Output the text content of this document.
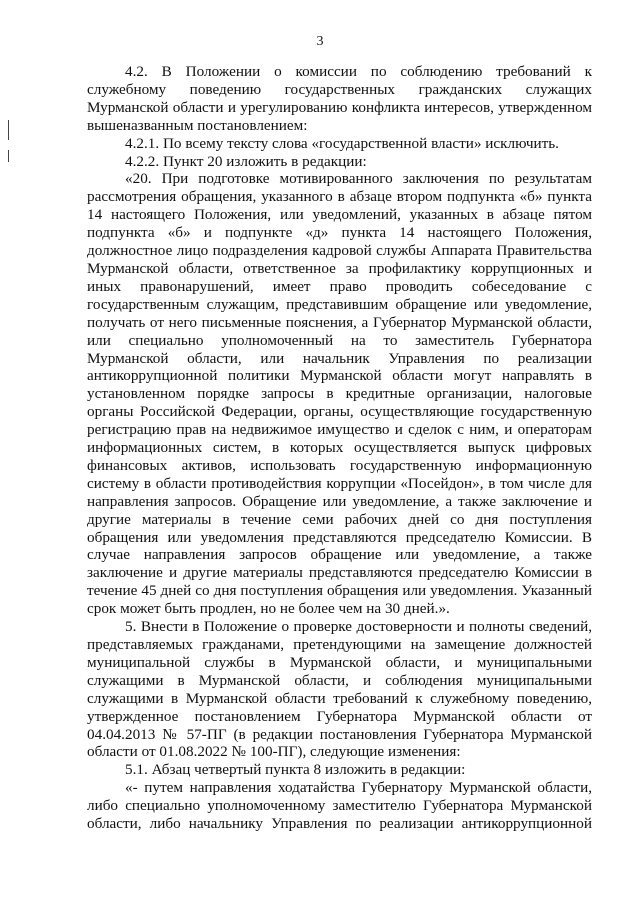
3

4.2. В Положении о комиссии по соблюдению требований к служебному поведению государственных гражданских служащих Мурманской области и урегулированию конфликта интересов, утвержденном вышеназванным постановлением:

4.2.1. По всему тексту слова «государственной власти» исключить.

4.2.2. Пункт 20 изложить в редакции:

«20. При подготовке мотивированного заключения по результатам рассмотрения обращения, указанного в абзаце втором подпункта «б» пункта 14 настоящего Положения, или уведомлений, указанных в абзаце пятом подпункта «б» и подпункте «д» пункта 14 настоящего Положения, должностное лицо подразделения кадровой службы Аппарата Правительства Мурманской области, ответственное за профилактику коррупционных и иных правонарушений, имеет право проводить собеседование с государственным служащим, представившим обращение или уведомление, получать от него письменные пояснения, а Губернатор Мурманской области, или специально уполномоченный на то заместитель Губернатора Мурманской области, или начальник Управления по реализации антикоррупционной политики Мурманской области могут направлять в установленном порядке запросы в кредитные организации, налоговые органы Российской Федерации, органы, осуществляющие государственную регистрацию прав на недвижимое имущество и сделок с ним, и операторам информационных систем, в которых осуществляется выпуск цифровых финансовых активов, использовать государственную информационную систему в области противодействия коррупции «Посейдон», в том числе для направления запросов. Обращение или уведомление, а также заключение и другие материалы в течение семи рабочих дней со дня поступления обращения или уведомления представляются председателю Комиссии. В случае направления запросов обращение или уведомление, а также заключение и другие материалы представляются председателю Комиссии в течение 45 дней со дня поступления обращения или уведомления. Указанный срок может быть продлен, но не более чем на 30 дней.».

5. Внести в Положение о проверке достоверности и полноты сведений, представляемых гражданами, претендующими на замещение должностей муниципальной службы в Мурманской области, и муниципальными служащими в Мурманской области, и соблюдения муниципальными служащими в Мурманской области требований к служебному поведению, утвержденное постановлением Губернатора Мурманской области от 04.04.2013 № 57-ПГ (в редакции постановления Губернатора Мурманской области от 01.08.2022 № 100-ПГ), следующие изменения:

5.1. Абзац четвертый пункта 8 изложить в редакции:

«- путем направления ходатайства Губернатору Мурманской области, либо специально уполномоченному заместителю Губернатора Мурманской области, либо начальнику Управления по реализации антикоррупционной
